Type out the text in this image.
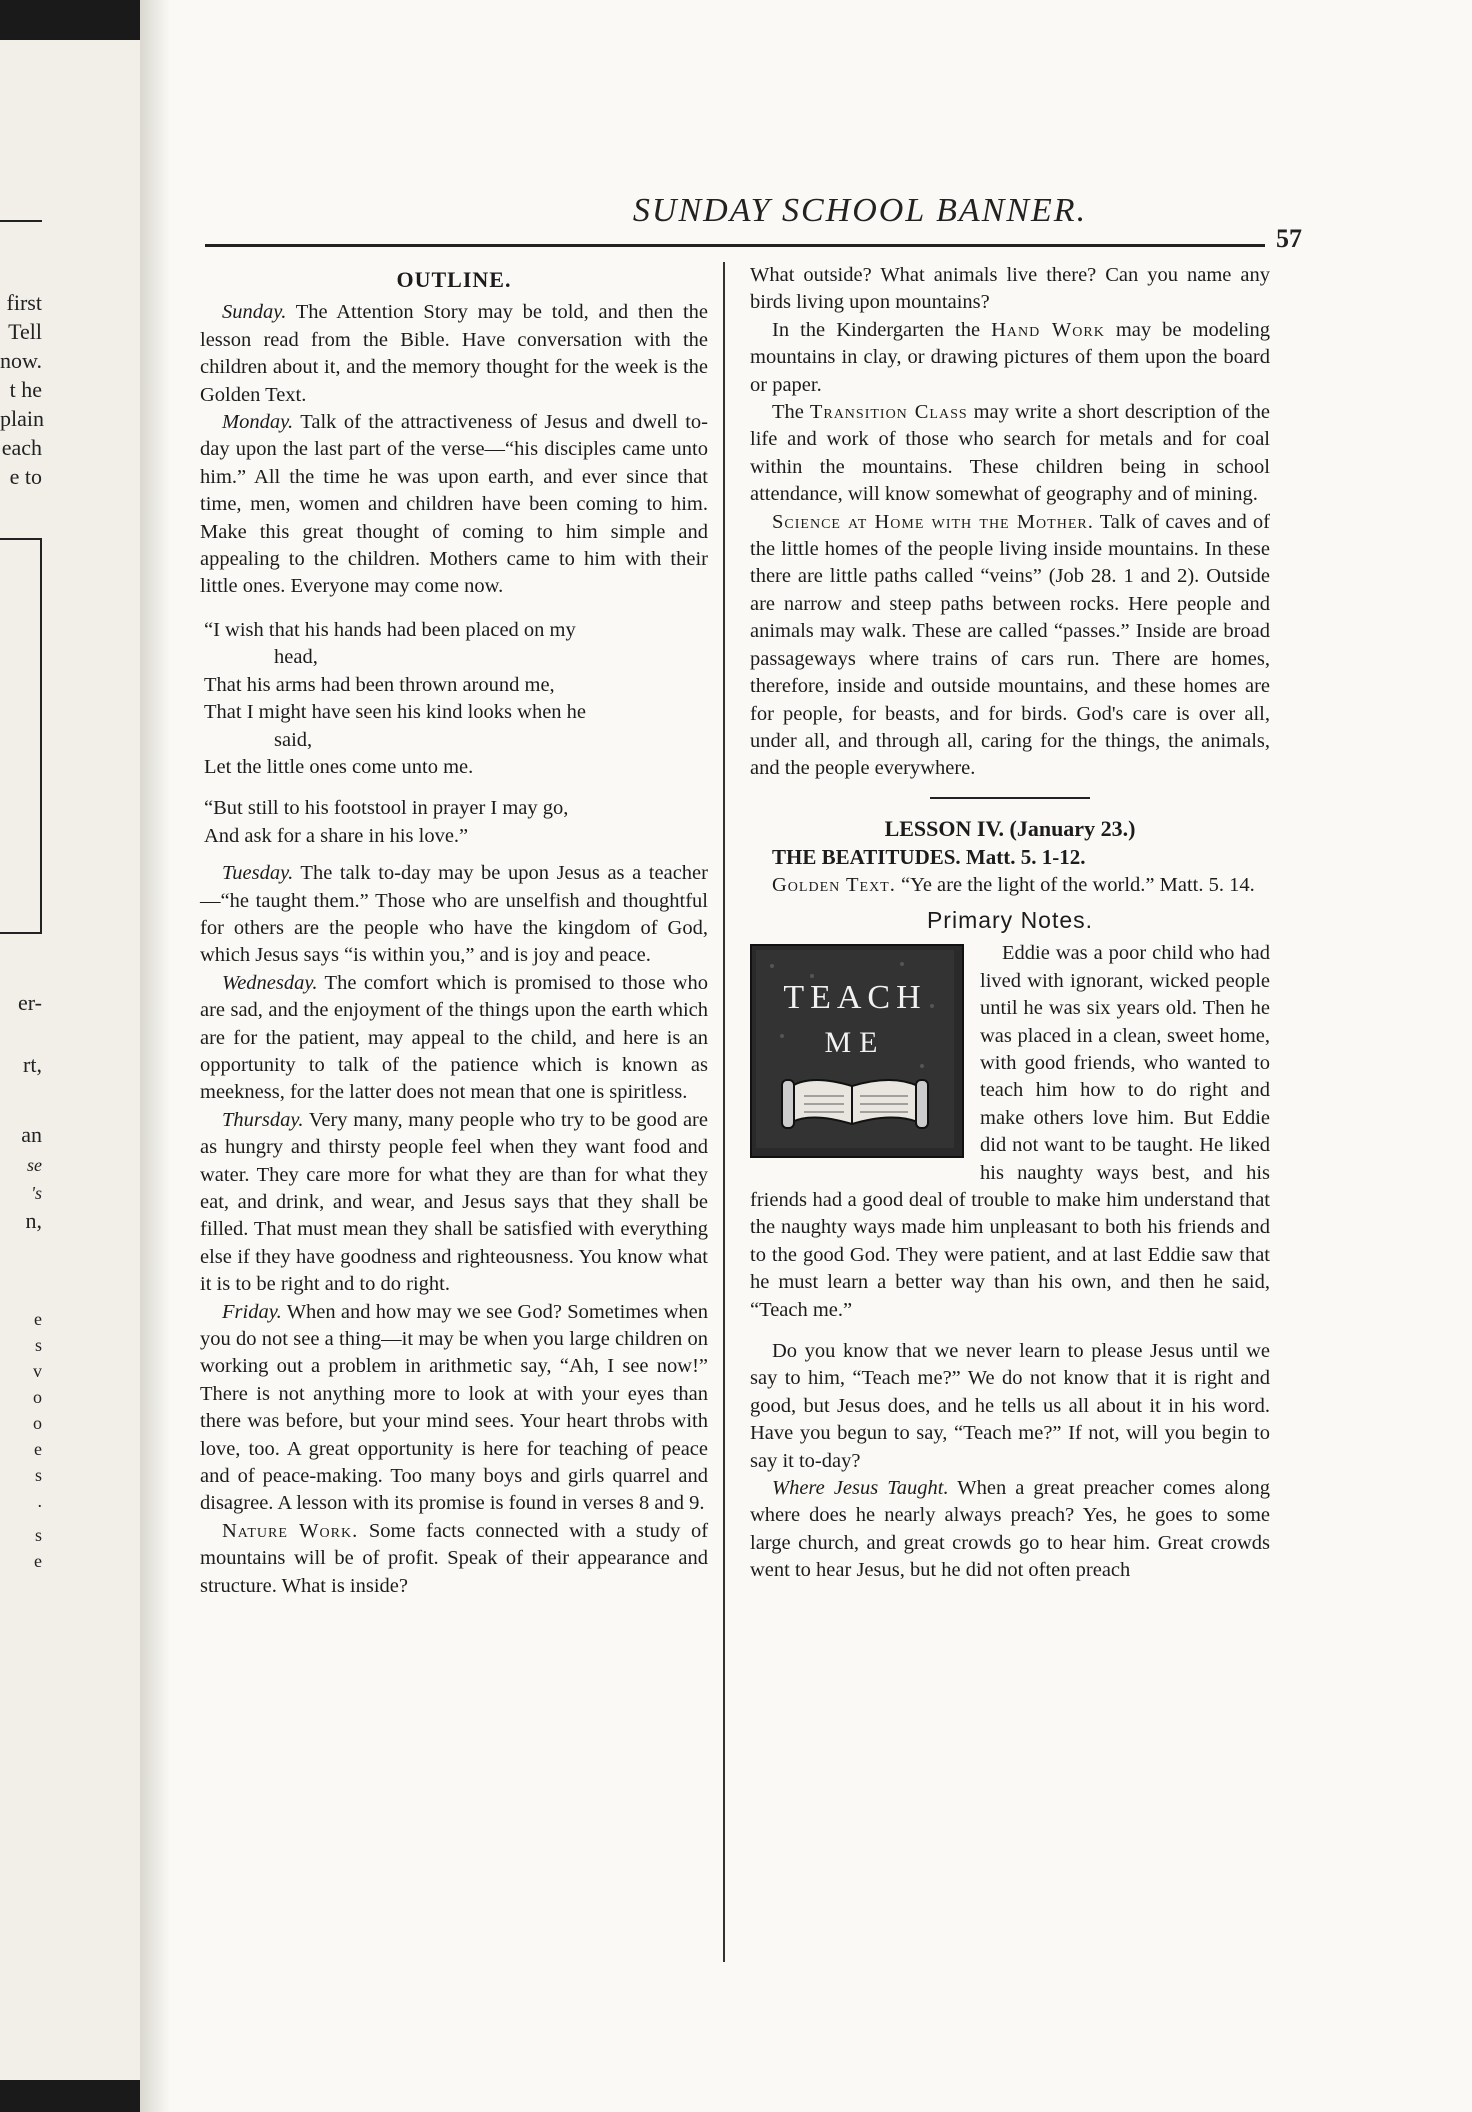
first
Tell
now.
t he
plain
each
e to
er-
rt,
an
se
's
n,
e
s
v
o
o
e
s
.
s
e
SUNDAY SCHOOL BANNER.
57
OUTLINE.

Sunday. The Attention Story may be told, and then the lesson read from the Bible. Have conversation with the children about it, and the memory thought for the week is the Golden Text.

Monday. Talk of the attractiveness of Jesus and dwell to-day upon the last part of the verse—“his disciples came unto him.” All the time he was upon earth, and ever since that time, men, women and children have been coming to him. Make this great thought of coming to him simple and appealing to the children. Mothers came to him with their little ones. Everyone may come now.

“I wish that his hands had been placed on my
head,
That his arms had been thrown around me,
That I might have seen his kind looks when he
said,
Let the little ones come unto me.
“But still to his footstool in prayer I may go,
And ask for a share in his love.”

Tuesday. The talk to-day may be upon Jesus as a teacher—“he taught them.” Those who are unselfish and thoughtful for others are the people who have the kingdom of God, which Jesus says “is within you,” and is joy and peace.

Wednesday. The comfort which is promised to those who are sad, and the enjoyment of the things upon the earth which are for the patient, may appeal to the child, and here is an opportunity to talk of the patience which is known as meekness, for the latter does not mean that one is spiritless.

Thursday. Very many, many people who try to be good are as hungry and thirsty people feel when they want food and water. They care more for what they are than for what they eat, and drink, and wear, and Jesus says that they shall be filled. That must mean they shall be satisfied with everything else if they have goodness and righteousness. You know what it is to be right and to do right.

Friday. When and how may we see God? Sometimes when you do not see a thing—it may be when you large children on working out a problem in arithmetic say, “Ah, I see now!” There is not anything more to look at with your eyes than there was before, but your mind sees. Your heart throbs with love, too. A great opportunity is here for teaching of peace and of peace-making. Too many boys and girls quarrel and disagree. A lesson with its promise is found in verses 8 and 9.

Nature Work. Some facts connected with a study of mountains will be of profit. Speak of their appearance and structure. What is inside?

What outside? What animals live there? Can you name any birds living upon mountains?

In the Kindergarten the Hand Work may be modeling mountains in clay, or drawing pictures of them upon the board or paper.

The Transition Class may write a short description of the life and work of those who search for metals and for coal within the mountains. These children being in school attendance, will know somewhat of geography and of mining.

Science at Home with the Mother. Talk of caves and of the little homes of the people living inside mountains. In these there are little paths called “veins” (Job 28. 1 and 2). Outside are narrow and steep paths between rocks. Here people and animals may walk. These are called “passes.” Inside are broad passageways where trains of cars run. There are homes, therefore, inside and outside mountains, and these homes are for people, for beasts, and for birds. God's care is over all, under all, and through all, caring for the things, the animals, and the people everywhere.

LESSON IV. (January 23.)

THE BEATITUDES. Matt. 5. 1-12.

Golden Text. “Ye are the light of the world.” Matt. 5. 14.

Primary Notes.
TEACH
ME

Eddie was a poor child who had lived with ignorant, wicked people until he was six years old. Then he was placed in a clean, sweet home, with good friends, who wanted to teach him how to do right and make others love him. But Eddie did not want to be taught. He liked his naughty ways best, and his friends had a good deal of trouble to make him understand that the naughty ways made him unpleasant to both his friends and to the good God. They were patient, and at last Eddie saw that he must learn a better way than his own, and then he said, “Teach me.”

Do you know that we never learn to please Jesus until we say to him, “Teach me?” We do not know that it is right and good, but Jesus does, and he tells us all about it in his word. Have you begun to say, “Teach me?” If not, will you begin to say it to-day?

Where Jesus Taught. When a great preacher comes along where does he nearly always preach? Yes, he goes to some large church, and great crowds go to hear him. Great crowds went to hear Jesus, but he did not often preach
